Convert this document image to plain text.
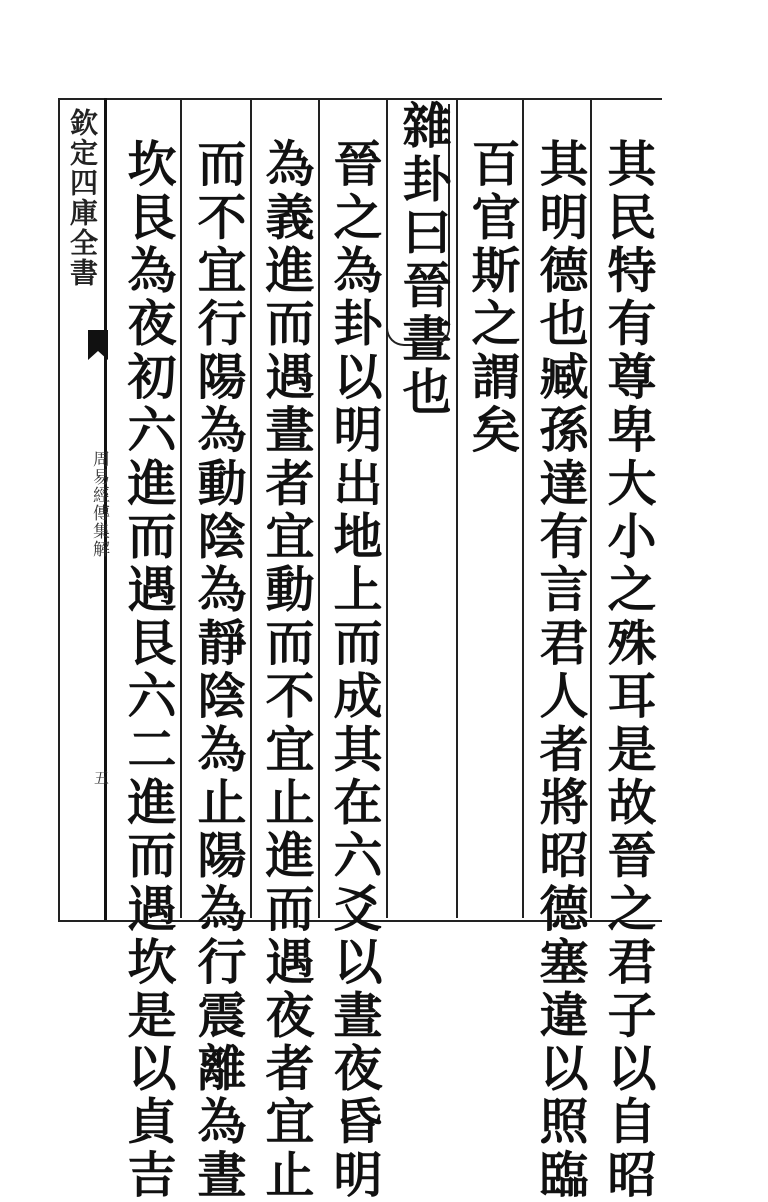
欽定四庫全書
周易經傳集解
五	其民特有尊卑大小之殊耳是故晉之君子以自昭
其明德也臧孫達有言君人者將昭德塞違以照臨
百官斯之謂矣
雜卦曰晉晝也
晉之為卦以明出地上而成其在六爻以晝夜昏明
為義進而遇晝者宜動而不宜止進而遇夜者宜止
而不宜行陽為動陰為靜陰為止陽為行震離為晝
坎艮為夜初六進而遇艮六二進而遇坎是以貞吉
